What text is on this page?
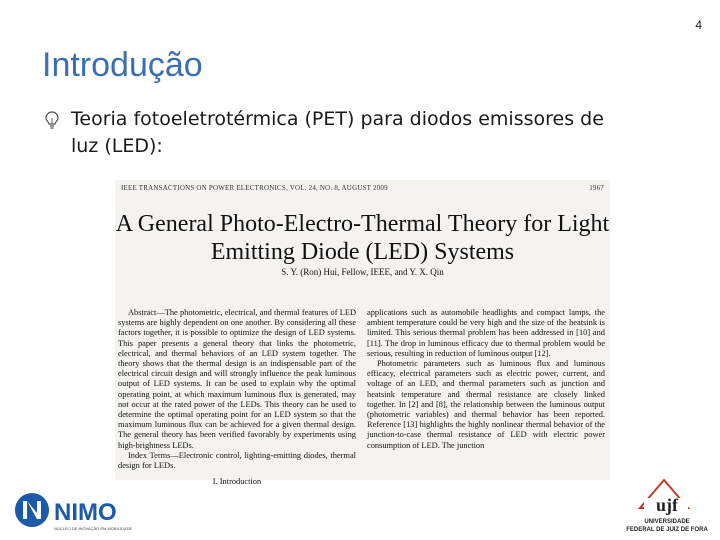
4
Introdução
Teoria fotoeletrotérmica (PET) para diodos emissores de luz (LED):
IEEE TRANSACTIONS ON POWER ELECTRONICS, VOL. 24, NO. 8, AUGUST 2009	1967
A General Photo-Electro-Thermal Theory for Light Emitting Diode (LED) Systems
S. Y. (Ron) Hui, Fellow, IEEE, and Y. X. Qin

Abstract—The photometric, electrical, and thermal features of LED systems are highly dependent on one another. By considering all these factors together, it is possible to optimize the design of LED systems. This paper presents a general theory that links the photometric, electrical, and thermal behaviors of an LED system together. The theory shows that the thermal design is an indispensable part of the electrical circuit design and will strongly influence the peak luminous output of LED systems. It can be used to explain why the optimal operating point, at which maximum luminous flux is generated, may not occur at the rated power of the LEDs. This theory can be used to determine the optimal operating point for an LED system so that the maximum luminous flux can be achieved for a given thermal design. The general theory has been verified favorably by experiments using high-brightness LEDs.

Index Terms—Electronic control, lighting-emitting diodes, thermal design for LEDs.

I. Introduction

applications such as automobile headlights and compact lamps, the ambient temperature could be very high and the size of the heatsink is limited. This serious thermal problem has been addressed in [10] and [11]. The drop in luminous efficacy due to thermal problem would be serious, resulting in reduction of luminous output [12].

Photometric parameters such as luminous flux and luminous efficacy, electrical parameters such as electric power, current, and voltage of an LED, and thermal parameters such as junction and heatsink temperature and thermal resistance are closely linked together. In [2] and [8], the relationship between the luminous output (photometric variables) and thermal behavior has been reported. Reference [13] highlights the highly nonlinear thermal behavior of the junction-to-case thermal resistance of LED with electric power consumption of LED. The junction

NIMO
NÚCLEO DE INOVAÇÃO EM MOBILIDADE
ujf
UNIVERSIDADE
FEDERAL DE JUIZ DE FORA
